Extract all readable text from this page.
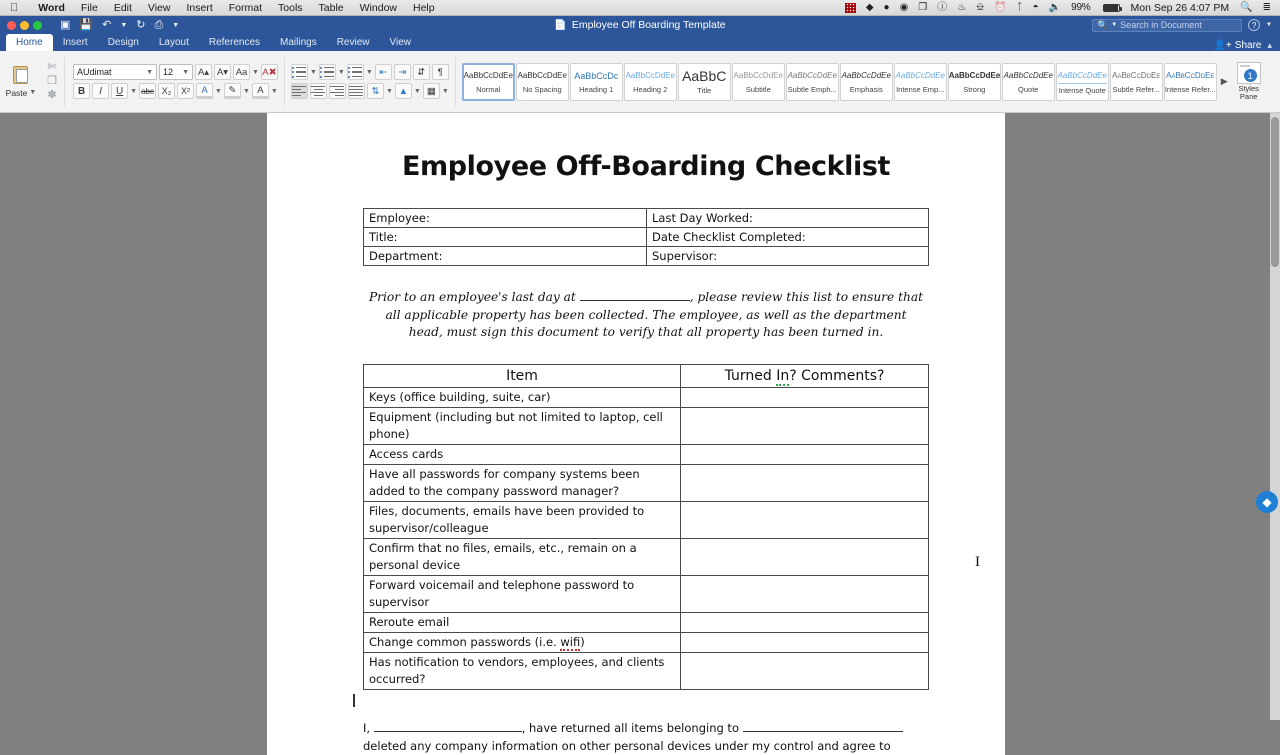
Word	File	Edit	View	Insert	Format	Tools	Table	Window	Help	◆	●	◉	❐	ⓘ	♨	⎒	⏰	ᛏ	◓	🔈	99%	Mon Sep 26 4:07 PM	🔍	≣
▣ 💾 ↶ ▼ ↻ ⎙ ▼	📄 Employee Off Boarding Template	🔍 ▼ Search in Document	?	▼
Home	Insert	Design	Layout	References	Mailings	Review	View	👤+ Share ▴
Paste ▼
✄
❐
✽
AUdimat	▼ 12 ▼ A▴ A▾ Aa ▼ A✖
B I U ▼ abc X₂	X²	A	▼ ✎ ▼ A	▼
▼	▼	▼ ⇤	⇥	⇵	¶
⇅ ▼ ▲ ▼ ▦ ▼
AaBbCcDdEe
Normal
AaBbCcDdEe
No Spacing
AaBbCcDc
Heading 1
AaBbCcDdEe
Heading 2
AaBbC
Title
AaBbCcDdEe
Subtitle
AaBbCcDdEe
Subtle Emph...
AaBbCcDdEe
Emphasis
AaBbCcDdEe
Intense Emp...
AaBbCcDdEe
Strong
AaBbCcDdEe
Quote
AaBbCcDdEe
Intense Quote
AaBbCcDdEe
Subtle Refer...
AaBbCcDdEe
Intense Refer...
▶
1
Styles Pane
Employee Off-Boarding Checklist
Employee:	Last Day Worked:
Title:	Date Checklist Completed:
Department:	Supervisor:

Prior to an employee's last day at	, please review this list to ensure that all applicable property has been collected. The employee, as well as the department head, must sign this document to verify that all property has been turned in.

Item	Turned In? Comments?
Keys (office building, suite, car)	
Equipment (including but not limited to laptop, cell phone)	
Access cards	
Have all passwords for company systems been added to the company password manager?	
Files, documents, emails have been provided to supervisor/colleague	
Confirm that no files, emails, etc., remain on a personal device	
Forward voicemail and telephone password to supervisor	
Reroute email	
Change common passwords (i.e. wifi)	
Has notification to vendors, employees, and clients occurred?	

I,	, have returned all items belonging to  deleted any company information on other personal devices under my control and agree to

◆
I
